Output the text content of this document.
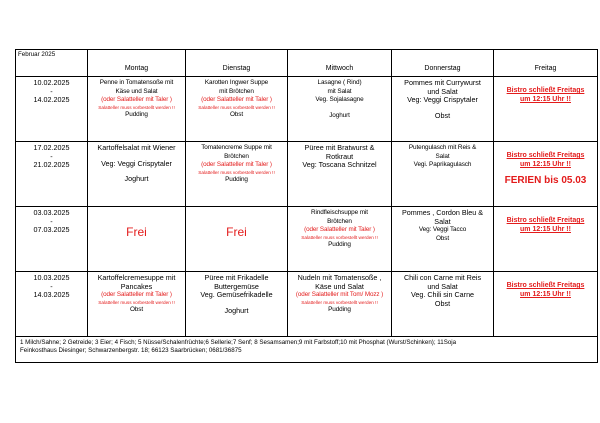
Februar 2025	Montag	Dienstag	Mittwoch	Donnerstag	Freitag

10.02.2025
-
14.02.2025	Penne in Tomatensoße mit
Käse und Salat
(oder Salatteller mit Taler )
Salatteller muss vorbestellt werden !!
Pudding	Karotten Ingwer Suppe
mit Brötchen
(oder Salatteller mit Taler )
Salatteller muss vorbestellt werden !!
Obst	Lasagne ( Rind)
mit Salat
Veg. Sojalasagne
Joghurt	Pommes mit Currywurst
und Salat
Veg: Veggi Crispytaler
Obst	Bistro schließt Freitags
um 12:15 Uhr !!

17.02.2025
-
21.02.2025	Kartoffelsalat mit Wiener
Veg: Veggi Crispytaler
Joghurt	Tomatencreme Suppe mit
Brötchen
(oder Salatteller mit Taler )
Salatteller muss vorbestellt werden !!
Pudding	Püree mit Bratwurst &
Rotkraut
Veg: Toscana Schnitzel	Putengulasch mit Reis &
Salat
Vegi. Paprikagulasch	Bistro schließt Freitags
um 12:15 Uhr !!
FERIEN bis 05.03

03.03.2025
-
07.03.2025	Frei	Frei	Rindfleischsuppe mit
Brötchen
(oder Salatteller mit Taler )
Salatteller muss vorbestellt werden !!
Pudding	Pommes , Cordon Bleu &
Salat
Veg: Veggi Tacco
Obst	Bistro schließt Freitags
um 12:15 Uhr !!

10.03.2025
-
14.03.2025	Kartoffelcremesuppe mit
Pancakes
(oder Salatteller mit Taler )
Salatteller muss vorbestellt werden !!
Obst	Püree mit Frikadelle
Buttergemüse
Veg. Gemüsefrikadelle
Joghurt	Nudeln mit Tomatensoße ,
Käse und Salat
(oder Salatteller mit Tom/ Mozz )
Salatteller muss vorbestellt werden !!
Pudding	Chili con Carne mit Reis
und Salat
Veg. Chili sin Carne
Obst	Bistro schließt Freitags
um 12:15 Uhr !!

1 Milch/Sahne; 2 Getreide; 3 Eier; 4 Fisch; 5 Nüsse/Schalenfrüchte;6 Sellerie;7 Senf; 8 Sesamsamen;9 mit Farbstoff;10 mit Phosphat (Wurst/Schinken); 11Soja
Feinkosthaus Diesinger; Schwarzenbergstr. 18; 66123 Saarbrücken; 0681/36875					
